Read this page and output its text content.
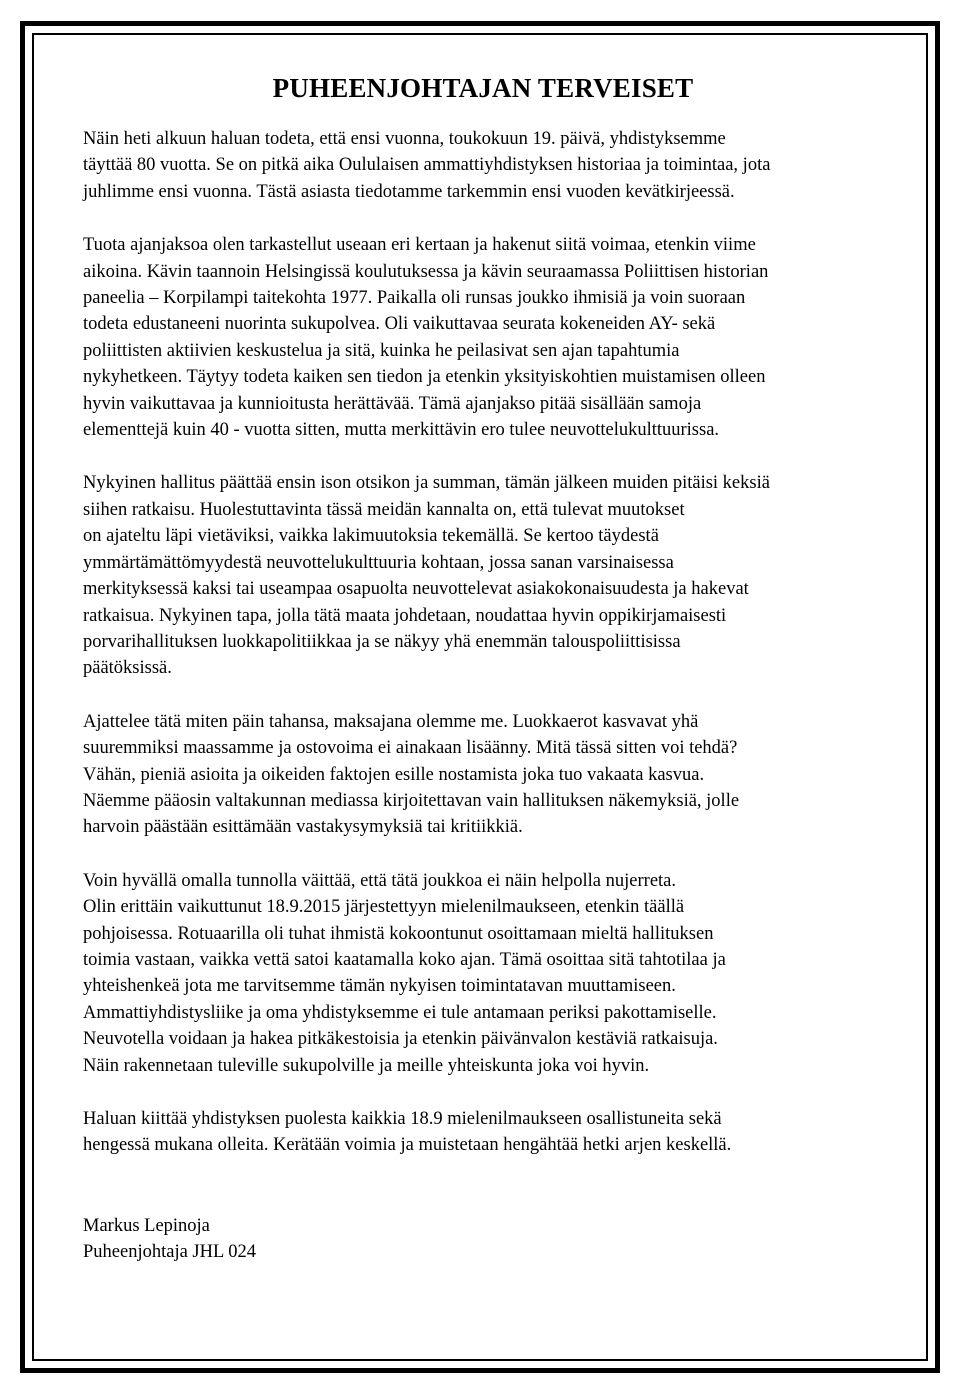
PUHEENJOHTAJAN TERVEISET

Näin heti alkuun haluan todeta, että ensi vuonna, toukokuun 19. päivä, yhdistyksemme
täyttää 80 vuotta. Se on pitkä aika Oululaisen ammattiyhdistyksen historiaa ja toimintaa, jota
juhlimme ensi vuonna. Tästä asiasta tiedotamme tarkemmin ensi vuoden kevätkirjeessä.

Tuota ajanjaksoa olen tarkastellut useaan eri kertaan ja hakenut siitä voimaa, etenkin viime
aikoina. Kävin taannoin Helsingissä koulutuksessa ja kävin seuraamassa Poliittisen historian
paneelia – Korpilampi taitekohta 1977. Paikalla oli runsas joukko ihmisiä ja voin suoraan
todeta edustaneeni nuorinta sukupolvea. Oli vaikuttavaa seurata kokeneiden AY- sekä
poliittisten aktiivien keskustelua ja sitä, kuinka he peilasivat sen ajan tapahtumia
nykyhetkeen. Täytyy todeta kaiken sen tiedon ja etenkin yksityiskohtien muistamisen olleen
hyvin vaikuttavaa ja kunnioitusta herättävää. Tämä ajanjakso pitää sisällään samoja
elementtejä kuin 40 - vuotta sitten, mutta merkittävin ero tulee neuvottelukulttuurissa.

Nykyinen hallitus päättää ensin ison otsikon ja summan, tämän jälkeen muiden pitäisi keksiä
siihen ratkaisu. Huolestuttavinta tässä meidän kannalta on, että tulevat muutokset
on ajateltu läpi vietäviksi, vaikka lakimuutoksia tekemällä. Se kertoo täydestä
ymmärtämättömyydestä neuvottelukulttuuria kohtaan, jossa sanan varsinaisessa
merkityksessä kaksi tai useampaa osapuolta neuvottelevat asiakokonaisuudesta ja hakevat
ratkaisua. Nykyinen tapa, jolla tätä maata johdetaan, noudattaa hyvin oppikirjamaisesti
porvarihallituksen luokkapolitiikkaa ja se näkyy yhä enemmän talouspoliittisissa
päätöksissä.

Ajattelee tätä miten päin tahansa, maksajana olemme me. Luokkaerot kasvavat yhä
suuremmiksi maassamme ja ostovoima ei ainakaan lisäänny. Mitä tässä sitten voi tehdä?
Vähän, pieniä asioita ja oikeiden faktojen esille nostamista joka tuo vakaata kasvua.
Näemme pääosin valtakunnan mediassa kirjoitettavan vain hallituksen näkemyksiä, jolle
harvoin päästään esittämään vastakysymyksiä tai kritiikkiä.

Voin hyvällä omalla tunnolla väittää, että tätä joukkoa ei näin helpolla nujerreta.
Olin erittäin vaikuttunut 18.9.2015 järjestettyyn mielenilmaukseen, etenkin täällä
pohjoisessa. Rotuaarilla oli tuhat ihmistä kokoontunut osoittamaan mieltä hallituksen
toimia vastaan, vaikka vettä satoi kaatamalla koko ajan. Tämä osoittaa sitä tahtotilaa ja
yhteishenkeä jota me tarvitsemme tämän nykyisen toimintatavan muuttamiseen.
Ammattiyhdistysliike ja oma yhdistyksemme ei tule antamaan periksi pakottamiselle.
Neuvotella voidaan ja hakea pitkäkestoisia ja etenkin päivänvalon kestäviä ratkaisuja.
Näin rakennetaan tuleville sukupolville ja meille yhteiskunta joka voi hyvin.

Haluan kiittää yhdistyksen puolesta kaikkia 18.9 mielenilmaukseen osallistuneita sekä
hengessä mukana olleita. Kerätään voimia ja muistetaan hengähtää hetki arjen keskellä.

Markus Lepinoja
Puheenjohtaja JHL 024
